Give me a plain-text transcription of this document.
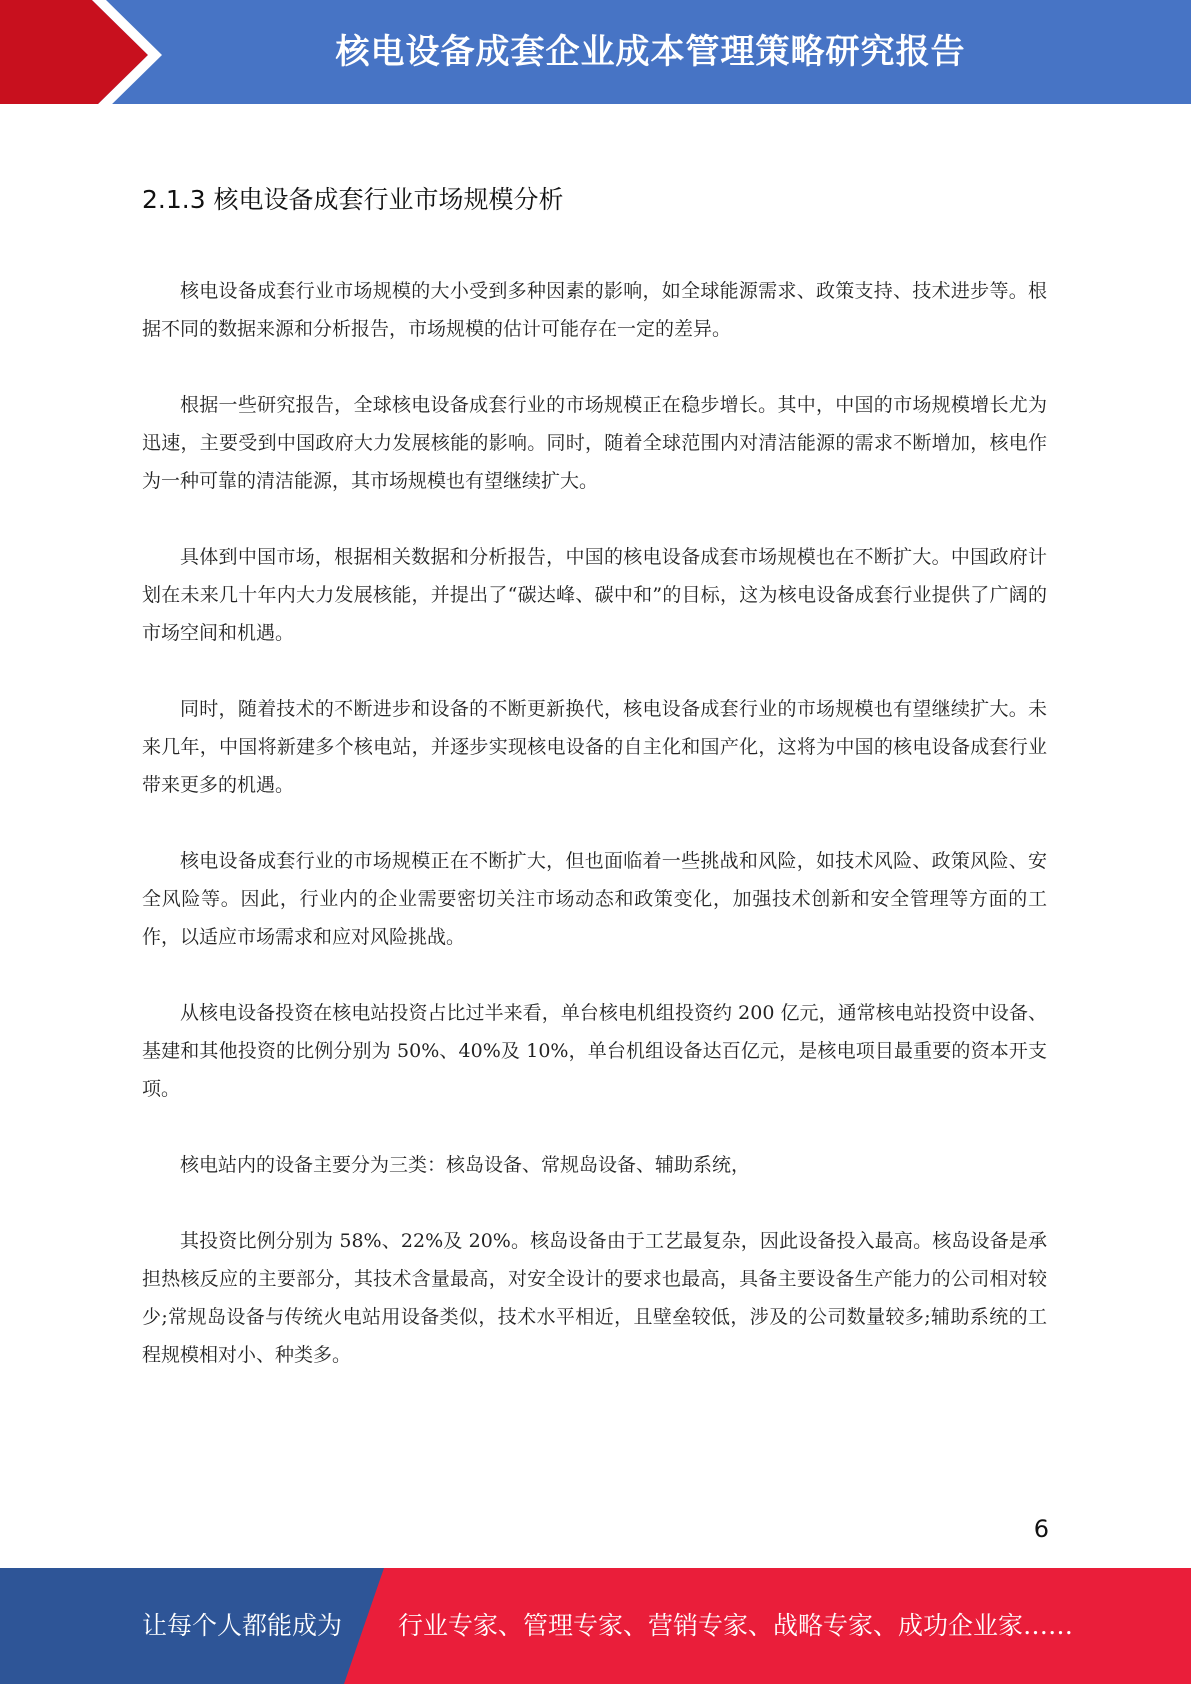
核电设备成套企业成本管理策略研究报告
2.1.3 核电设备成套行业市场规模分析

核电设备成套行业市场规模的大小受到多种因素的影响，如全球能源需求、政策支持、技术进步等。根据不同的数据来源和分析报告，市场规模的估计可能存在一定的差异。

根据一些研究报告，全球核电设备成套行业的市场规模正在稳步增长。其中，中国的市场规模增长尤为迅速，主要受到中国政府大力发展核能的影响。同时，随着全球范围内对清洁能源的需求不断增加，核电作为一种可靠的清洁能源，其市场规模也有望继续扩大。

具体到中国市场，根据相关数据和分析报告，中国的核电设备成套市场规模也在不断扩大。中国政府计划在未来几十年内大力发展核能，并提出了“碳达峰、碳中和”的目标，这为核电设备成套行业提供了广阔的市场空间和机遇。

同时，随着技术的不断进步和设备的不断更新换代，核电设备成套行业的市场规模也有望继续扩大。未来几年，中国将新建多个核电站，并逐步实现核电设备的自主化和国产化，这将为中国的核电设备成套行业带来更多的机遇。

核电设备成套行业的市场规模正在不断扩大，但也面临着一些挑战和风险，如技术风险、政策风险、安全风险等。因此，行业内的企业需要密切关注市场动态和政策变化，加强技术创新和安全管理等方面的工作，以适应市场需求和应对风险挑战。

从核电设备投资在核电站投资占比过半来看，单台核电机组投资约 200 亿元，通常核电站投资中设备、基建和其他投资的比例分别为 50%、40%及 10%，单台机组设备达百亿元，是核电项目最重要的资本开支项。

核电站内的设备主要分为三类：核岛设备、常规岛设备、辅助系统，

其投资比例分别为 58%、22%及 20%。核岛设备由于工艺最复杂，因此设备投入最高。核岛设备是承担热核反应的主要部分，其技术含量最高，对安全设计的要求也最高，具备主要设备生产能力的公司相对较少;常规岛设备与传统火电站用设备类似，技术水平相近，且壁垒较低，涉及的公司数量较多;辅助系统的工程规模相对小、种类多。

6
让每个人都能成为 行业专家、管理专家、营销专家、战略专家、成功企业家……
